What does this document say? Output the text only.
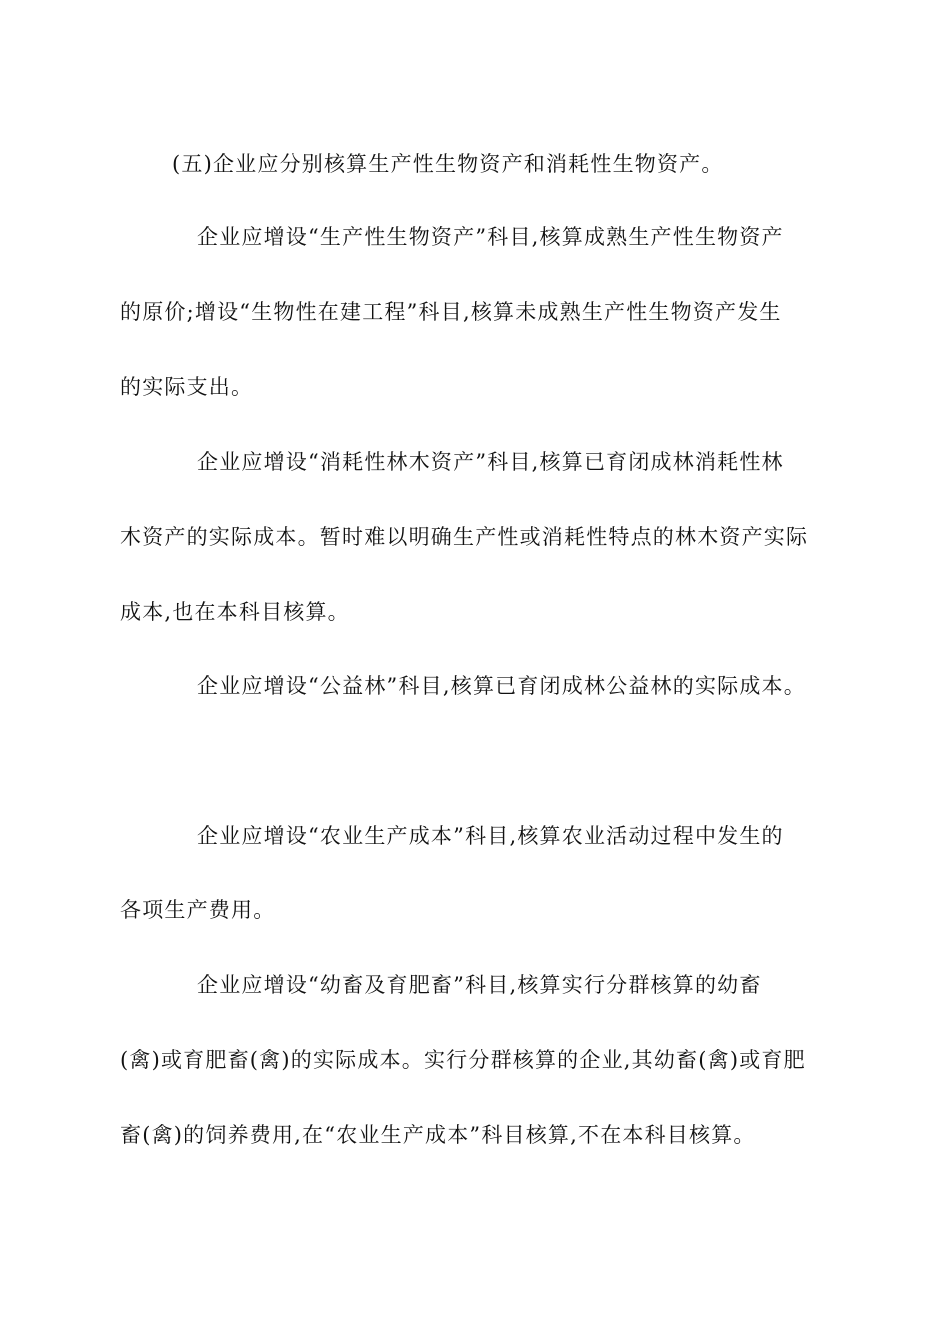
(五)企业应分别核算生产性生物资产和消耗性生物资产。
企业应增设“生产性生物资产”科目,核算成熟生产性生物资产
的原价;增设“生物性在建工程”科目,核算未成熟生产性生物资产发生
的实际支出。
企业应增设“消耗性林木资产”科目,核算已育闭成林消耗性林
木资产的实际成本。暂时难以明确生产性或消耗性特点的林木资产实际
成本,也在本科目核算。
企业应增设“公益林”科目,核算已育闭成林公益林的实际成本。
企业应增设“农业生产成本”科目,核算农业活动过程中发生的
各项生产费用。
企业应增设“幼畜及育肥畜”科目,核算实行分群核算的幼畜
(禽)或育肥畜(禽)的实际成本。实行分群核算的企业,其幼畜(禽)或育肥
畜(禽)的饲养费用,在“农业生产成本”科目核算,不在本科目核算。
